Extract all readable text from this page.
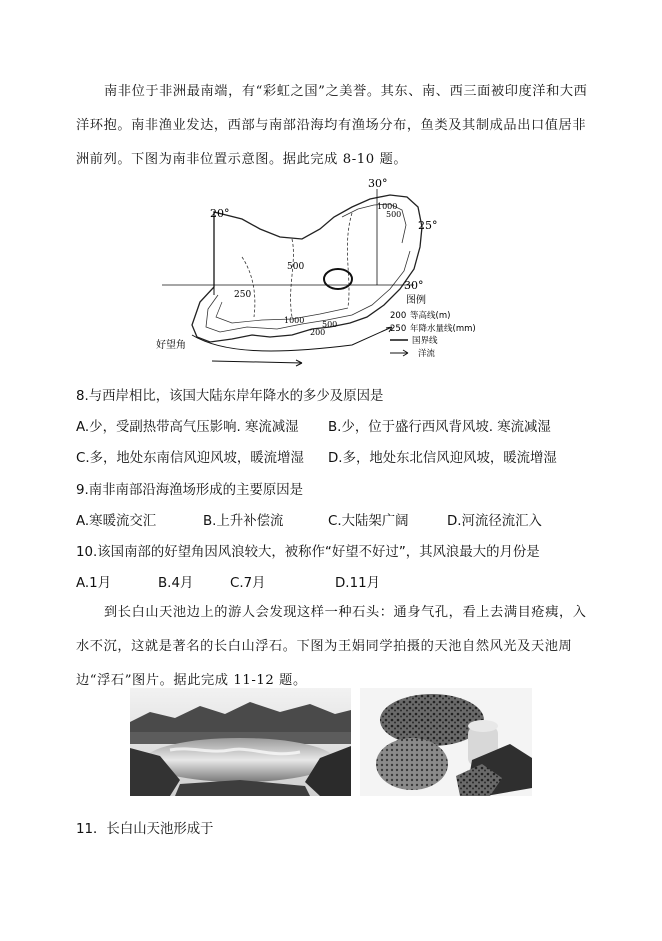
南非位于非洲最南端，有“彩虹之国”之美誉。其东、南、西三面被印度洋和大西洋环抱。南非渔业发达，西部与南部沿海均有渔场分布，鱼类及其制成品出口值居非洲前列。下图为南非位置示意图。据此完成 8-10 题。
30°
25°
30°
20°
1000
500
500
250
1000 500
200
好望角
图例
200 等高线(m)
250 年降水量线(mm)
国界线
洋流
8.与西岸相比，该国大陆东岸年降水的多少及原因是
A.少，受副热带高气压影响. 寒流减湿 B.少，位于盛行西风背风坡. 寒流减湿
C.多，地处东南信风迎风坡，暖流增湿 D.多，地处东北信风迎风坡，暖流增湿
9.南非南部沿海渔场形成的主要原因是
A.寒暖流交汇	B.上升补偿流	C.大陆架广阔	D.河流径流汇入
10.该国南部的好望角因风浪较大，被称作“好望不好过”，其风浪最大的月份是
A.1月	B.4月	C.7月	D.11月
到长白山天池边上的游人会发现这样一种石头：通身气孔，看上去满目疮痍，入水不沉，这就是著名的长白山浮石。下图为王娟同学拍摄的天池自然风光及天池周边“浮石”图片。据此完成 11-12 题。
11．长白山天池形成于
